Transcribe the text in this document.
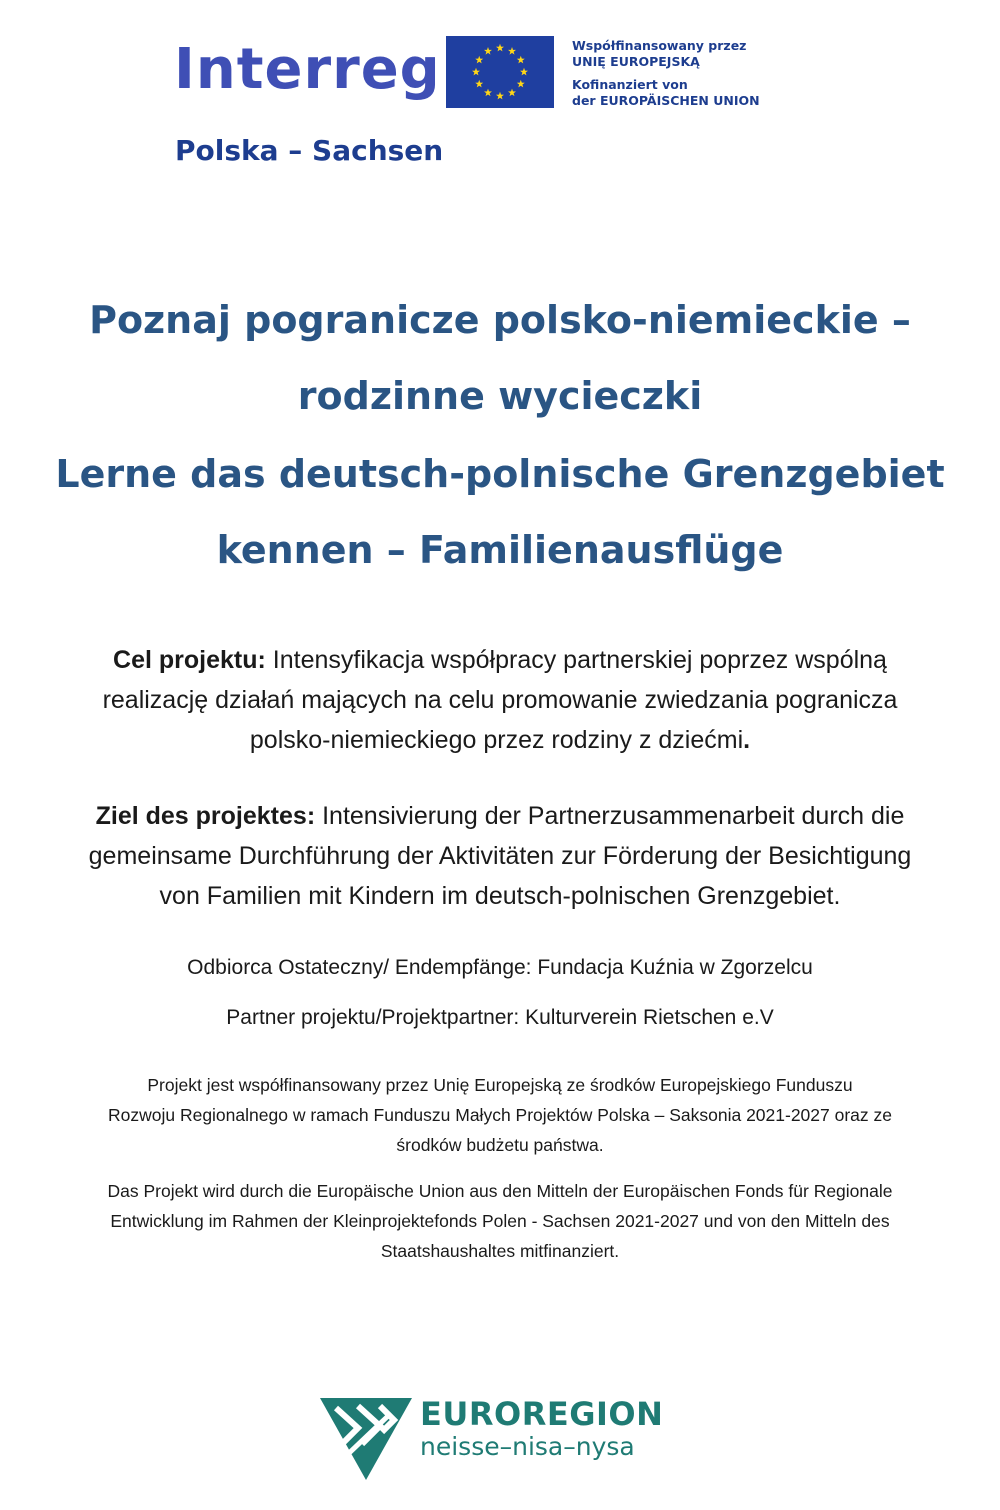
Interreg
Polska – Sachsen
Współfinansowany przez
UNIĘ EUROPEJSKĄ
Kofinanziert von
der EUROPÄISCHEN UNION
Poznaj pogranicze polsko-niemieckie –
rodzinne wycieczki
Lerne das deutsch-polnische Grenzgebiet
kennen – Familienausflüge
Cel projektu: Intensyfikacja współpracy partnerskiej poprzez wspólną
realizację działań mających na celu promowanie zwiedzania pogranicza
polsko-niemieckiego przez rodziny z dziećmi.
Ziel des projektes: Intensivierung der Partnerzusammenarbeit durch die
gemeinsame Durchführung der Aktivitäten zur Förderung der Besichtigung
von Familien mit Kindern im deutsch-polnischen Grenzgebiet.
Odbiorca Ostateczny/ Endempfänge: Fundacja Kuźnia w Zgorzelcu
Partner projektu/Projektpartner: Kulturverein Rietschen e.V
Projekt jest współfinansowany przez Unię Europejską ze środków Europejskiego Funduszu
Rozwoju Regionalnego w ramach Funduszu Małych Projektów Polska – Saksonia 2021-2027 oraz ze
środków budżetu państwa.
Das Projekt wird durch die Europäische Union aus den Mitteln der Europäischen Fonds für Regionale
Entwicklung im Rahmen der Kleinprojektefonds Polen - Sachsen 2021-2027 und von den Mitteln des
Staatshaushaltes mitfinanziert.
EUROREGION
neisse–nisa–nysa
